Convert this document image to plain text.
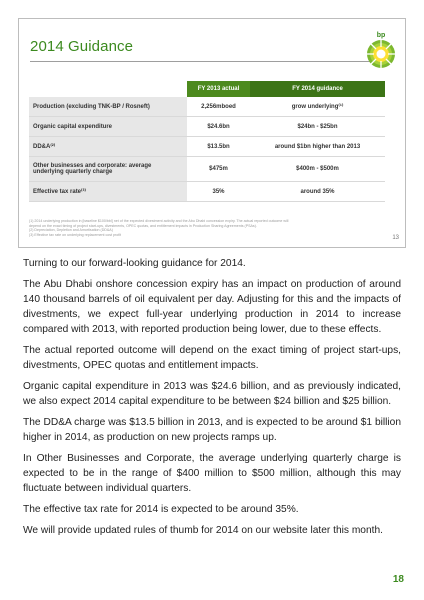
2014 Guidance
bp
	FY 2013 actual	FY 2014 guidance
Production (excluding TNK-BP / Rosneft)	2,256mboed	grow underlying⁽¹⁾
Organic capital expenditure	$24.6bn	$24bn - $25bn
DD&A⁽²⁾	$13.5bn	around $1bn higher than 2013
Other businesses and corporate: average underlying quarterly charge	$475m	$400m - $500m
Effective tax rate⁽³⁾	35%	around 35%
(1) 2014 underlying production in [baseline $100/bbl] net of the expected divestment activity and the Abu Dhabi concession expiry. The actual reported outcome will
depend on the exact timing of project start-ups, divestments, OPEC quotas, and entitlement impacts in Production Sharing Agreements (PSAs).
(2) Depreciation, Depletion and Amortisation (DD&A)
(3) Effective tax rate on underlying replacement cost profit
13

Turning to our forward-looking guidance for 2014.

The Abu Dhabi onshore concession expiry has an impact on production of around 140 thousand barrels of oil equivalent per day. Adjusting for this and the impacts of divestments, we expect full-year underlying production in 2014 to increase compared with 2013, with reported production being lower, due to these effects.

The actual reported outcome will depend on the exact timing of project start-ups, divestments, OPEC quotas and entitlement impacts.

Organic capital expenditure in 2013 was $24.6 billion, and as previously indicated, we also expect 2014 capital expenditure to be between $24 billion and $25 billion.

The DD&A charge was $13.5 billion in 2013, and is expected to be around $1 billion higher in 2014, as production on new projects ramps up.

In Other Businesses and Corporate, the average underlying quarterly charge is expected to be in the range of $400 million to $500 million, although this may fluctuate between individual quarters.

The effective tax rate for 2014 is expected to be around 35%.

We will provide updated rules of thumb for 2014 on our website later this month.

18
